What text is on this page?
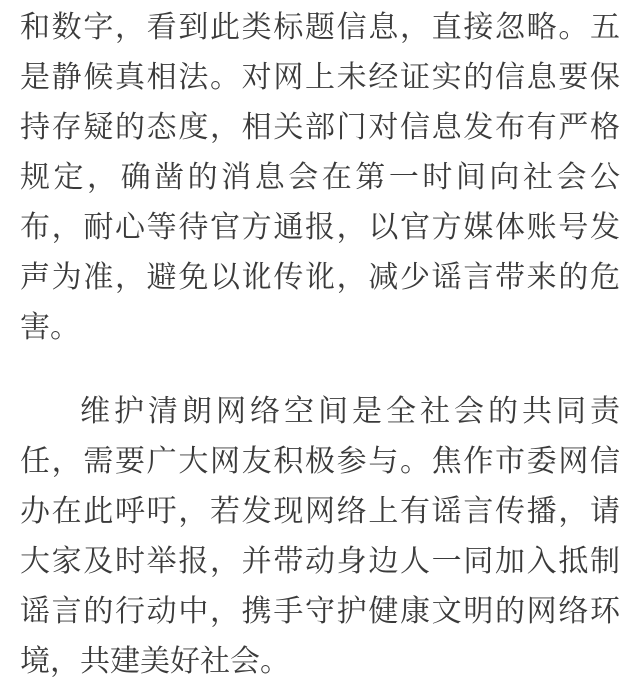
和数字，看到此类标题信息，直接忽略。五
是静候真相法。对网上未经证实的信息要保
持存疑的态度，相关部门对信息发布有严格
规定，确凿的消息会在第一时间向社会公
布，耐心等待官方通报，以官方媒体账号发
声为准，避免以讹传讹，减少谣言带来的危
害。
维护清朗网络空间是全社会的共同责
任，需要广大网友积极参与。焦作市委网信
办在此呼吁，若发现网络上有谣言传播，请
大家及时举报，并带动身边人一同加入抵制
谣言的行动中，携手守护健康文明的网络环
境，共建美好社会。
